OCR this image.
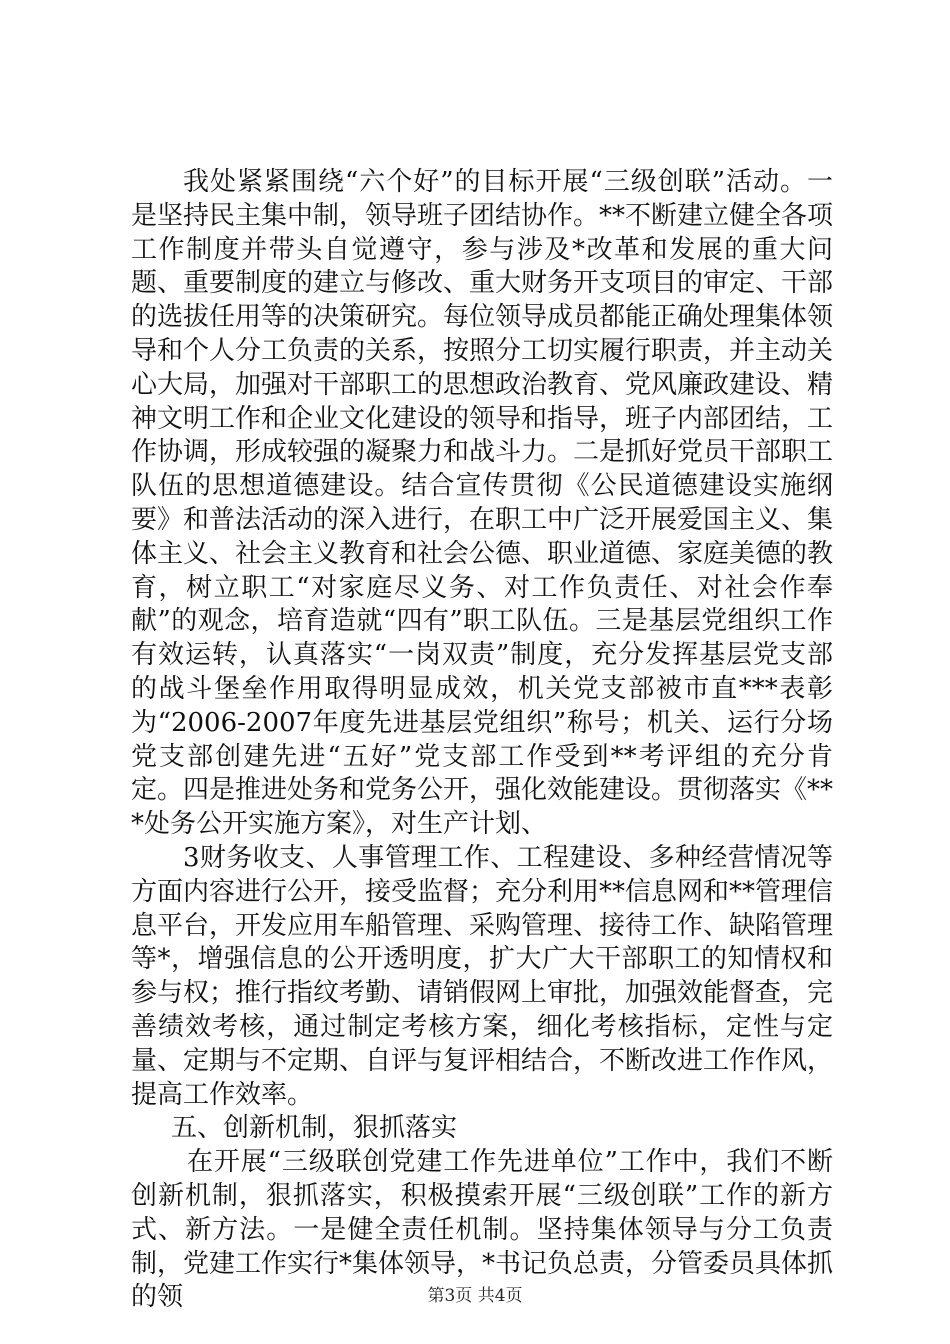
我处紧紧围绕“六个好”的目标开展“三级创联”活动。一是坚持民主集中制，领导班子团结协作。**不断建立健全各项工作制度并带头自觉遵守，参与涉及*改革和发展的重大问题、重要制度的建立与修改、重大财务开支项目的审定、干部的选拔任用等的决策研究。每位领导成员都能正确处理集体领导和个人分工负责的关系，按照分工切实履行职责，并主动关心大局，加强对干部职工的思想政治教育、党风廉政建设、精神文明工作和企业文化建设的领导和指导，班子内部团结，工作协调，形成较强的凝聚力和战斗力。二是抓好党员干部职工队伍的思想道德建设。结合宣传贯彻《公民道德建设实施纲要》和普法活动的深入进行，在职工中广泛开展爱国主义、集体主义、社会主义教育和社会公德、职业道德、家庭美德的教育，树立职工“对家庭尽义务、对工作负责任、对社会作奉献”的观念，培育造就“四有”职工队伍。三是基层党组织工作有效运转，认真落实“一岗双责”制度，充分发挥基层党支部的战斗堡垒作用取得明显成效，机关党支部被市直***表彰为“2006-2007年度先进基层党组织”称号；机关、运行分场党支部创建先进“五好”党支部工作受到**考评组的充分肯定。四是推进处务和党务公开，强化效能建设。贯彻落实《***处务公开实施方案》，对生产计划、

3财务收支、人事管理工作、工程建设、多种经营情况等方面内容进行公开，接受监督；充分利用**信息网和**管理信息平台，开发应用车船管理、采购管理、接待工作、缺陷管理等*，增强信息的公开透明度，扩大广大干部职工的知情权和参与权；推行指纹考勤、请销假网上审批，加强效能督查，完善绩效考核，通过制定考核方案，细化考核指标，定性与定量、定期与不定期、自评与复评相结合，不断改进工作作风，提高工作效率。

五、创新机制，狠抓落实

在开展“三级联创党建工作先进单位”工作中，我们不断创新机制，狠抓落实，积极摸索开展“三级创联”工作的新方式、新方法。一是健全责任机制。坚持集体领导与分工负责制，党建工作实行*集体领导，*书记负总责，分管委员具体抓的领	第3页 共4页
